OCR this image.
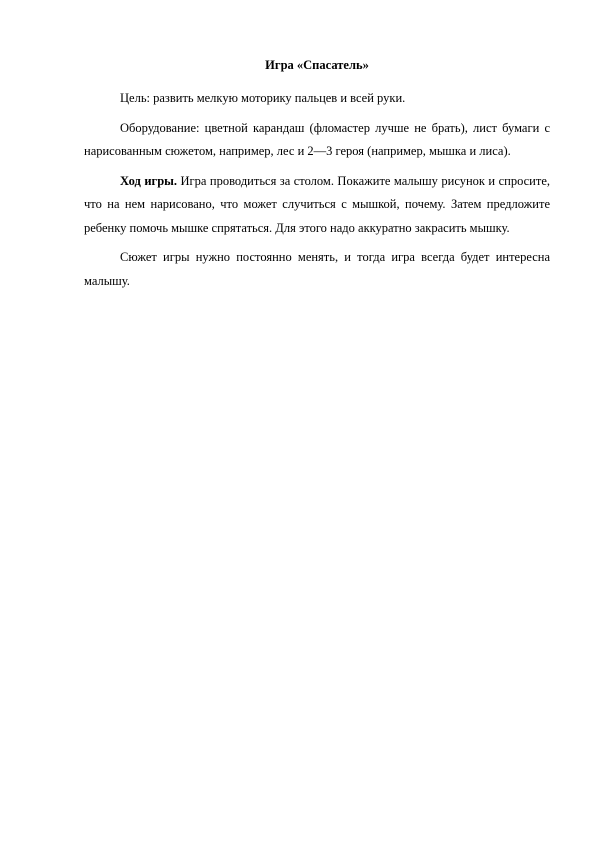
Игра «Спасатель»

Цель: развить мелкую моторику пальцев и всей руки.

Оборудование: цветной карандаш (фломастер лучше не брать), лист бумаги с нарисованным сюжетом, например, лес и 2—3 героя (например, мышка и лиса).

Ход игры. Игра проводиться за столом. Покажите малышу рисунок и спросите, что на нем нарисовано, что может случиться с мышкой, почему. Затем предложите ребенку помочь мышке спрятаться. Для этого надо аккуратно закрасить мышку.

Сюжет игры нужно постоянно менять, и тогда игра всегда будет интересна малышу.
